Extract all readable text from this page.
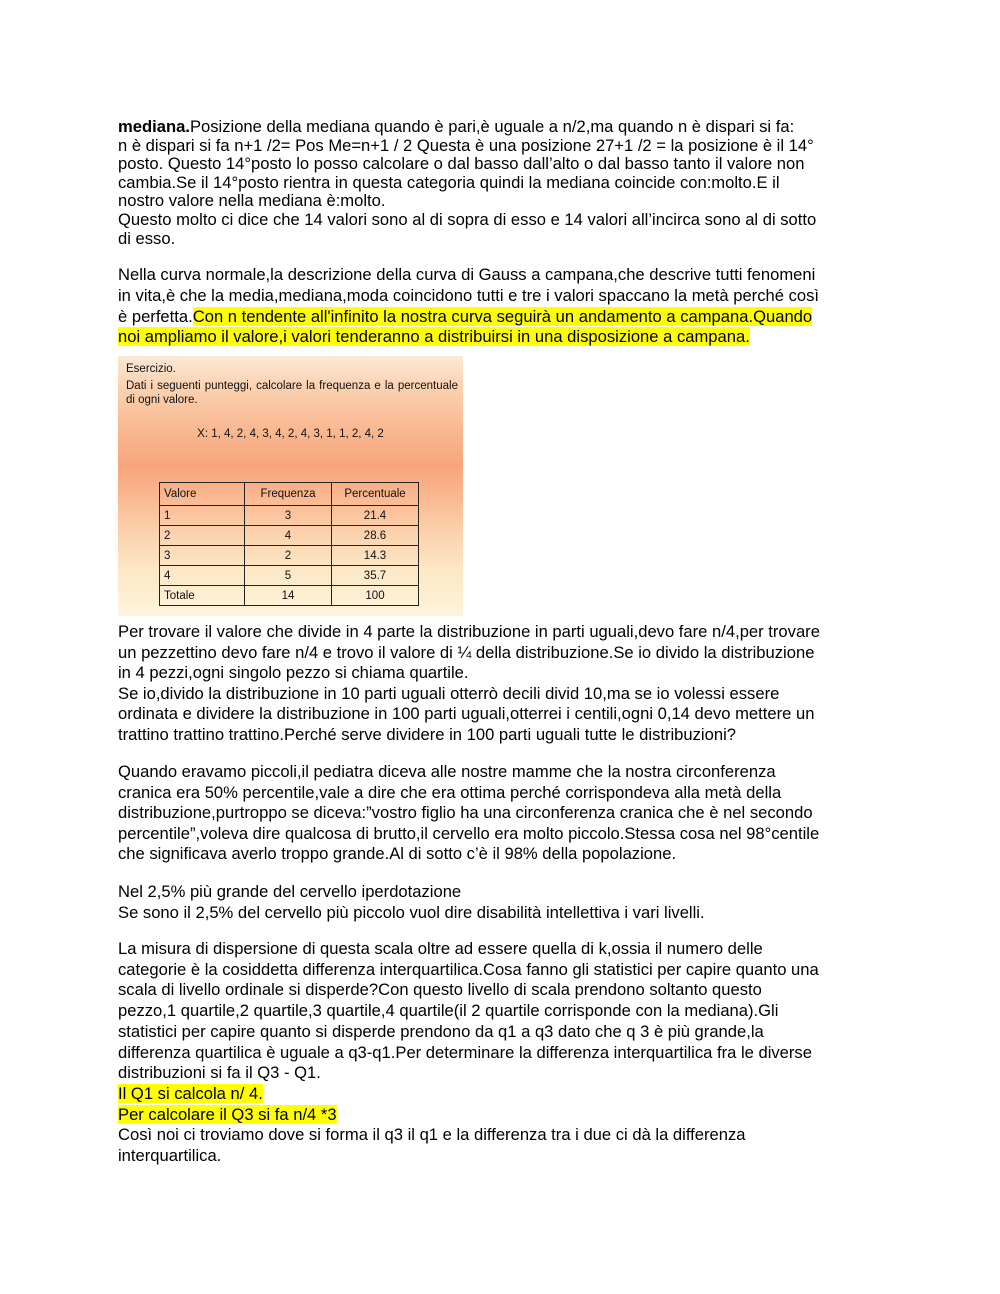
mediana.Posizione della mediana quando è pari,è uguale a n/2,ma quando n è dispari si fa:
n è dispari si fa n+1 /2= Pos Me=n+1 / 2 Questa è una posizione 27+1 /2 = la posizione è il 14°
posto. Questo 14°posto lo posso calcolare o dal basso dall’alto o dal basso tanto il valore non
cambia.Se il 14°posto rientra in questa categoria quindi la mediana coincide con:molto.E il
nostro valore nella mediana è:molto.
Questo molto ci dice che 14 valori sono al di sopra di esso e 14 valori all’incirca sono al di sotto
di esso.
Nella curva normale,la descrizione della curva di Gauss a campana,che descrive tutti fenomeni
in vita,è che la media,mediana,moda coincidono tutti e tre i valori spaccano la metà perché così
è perfetta.Con n tendente all'infinito la nostra curva seguirà un andamento a campana.Quando
noi ampliamo il valore,i valori tenderanno a distribuirsi in una disposizione a campana.
Esercizio.
Dati i seguenti punteggi, calcolare la frequenza e la percentuale di ogni valore.
X: 1, 4, 2, 4, 3, 4, 2, 4, 3, 1, 1, 2, 4, 2
Valore	Frequenza	Percentuale
1	3	21.4
2	4	28.6
3	2	14.3
4	5	35.7
Totale	14	100
Per trovare il valore che divide in 4 parte la distribuzione in parti uguali,devo fare n/4,per trovare
un pezzettino devo fare n/4 e trovo il valore di ¼ della distribuzione.Se io divido la distribuzione
in 4 pezzi,ogni singolo pezzo si chiama quartile.
Se io,divido la distribuzione in 10 parti uguali otterrò decili divid 10,ma se io volessi essere
ordinata e dividere la distribuzione in 100 parti uguali,otterrei i centili,ogni 0,14 devo mettere un
trattino trattino trattino.Perché serve dividere in 100 parti uguali tutte le distribuzioni?
Quando eravamo piccoli,il pediatra diceva alle nostre mamme che la nostra circonferenza
cranica era 50% percentile,vale a dire che era ottima perché corrispondeva alla metà della
distribuzione,purtroppo se diceva:”vostro figlio ha una circonferenza cranica che è nel secondo
percentile”,voleva dire qualcosa di brutto,il cervello era molto piccolo.Stessa cosa nel 98°centile
che significava averlo troppo grande.Al di sotto c’è il 98% della popolazione.
Nel 2,5% più grande del cervello iperdotazione
Se sono il 2,5% del cervello più piccolo vuol dire disabilità intellettiva i vari livelli.
La misura di dispersione di questa scala oltre ad essere quella di k,ossia il numero delle
categorie è la cosiddetta differenza interquartilica.Cosa fanno gli statistici per capire quanto una
scala di livello ordinale si disperde?Con questo livello di scala prendono soltanto questo
pezzo,1 quartile,2 quartile,3 quartile,4 quartile(il 2 quartile corrisponde con la mediana).Gli
statistici per capire quanto si disperde prendono da q1 a q3 dato che q 3 è più grande,la
differenza quartilica è uguale a q3-q1.Per determinare la differenza interquartilica fra le diverse
distribuzioni si fa il Q3 - Q1.
Il Q1 si calcola n/ 4.
Per calcolare il Q3 si fa n/4 *3
Così noi ci troviamo dove si forma il q3 il q1 e la differenza tra i due ci dà la differenza
interquartilica.
